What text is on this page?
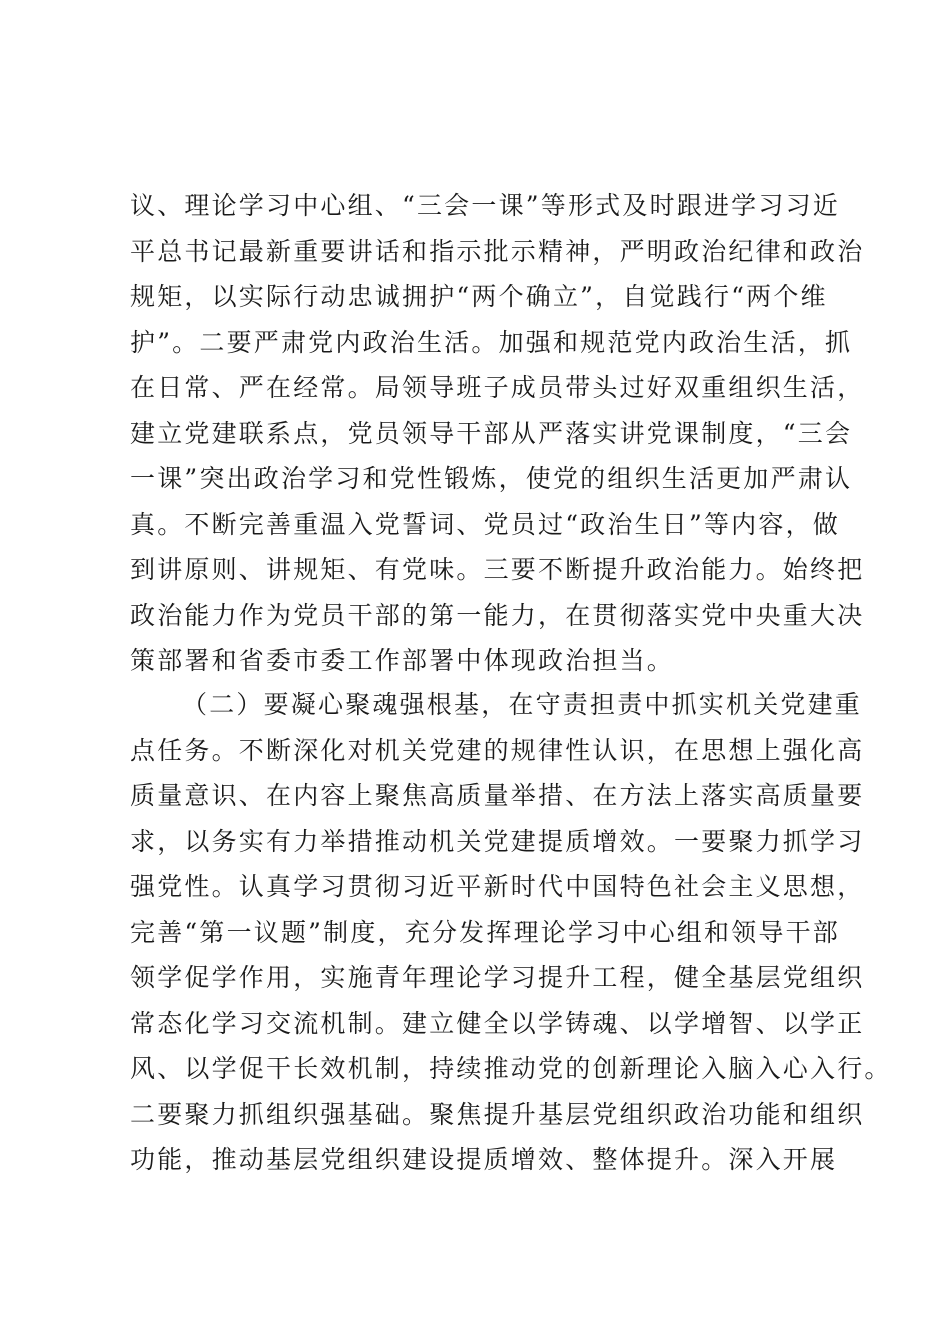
议、理论学习中心组、“三会一课”等形式及时跟进学习习近
平总书记最新重要讲话和指示批示精神，严明政治纪律和政治
规矩，以实际行动忠诚拥护“两个确立”，自觉践行“两个维
护”。二要严肃党内政治生活。加强和规范党内政治生活，抓
在日常、严在经常。局领导班子成员带头过好双重组织生活，
建立党建联系点，党员领导干部从严落实讲党课制度，“三会
一课”突出政治学习和党性锻炼，使党的组织生活更加严肃认
真。不断完善重温入党誓词、党员过“政治生日”等内容，做
到讲原则、讲规矩、有党味。三要不断提升政治能力。始终把
政治能力作为党员干部的第一能力，在贯彻落实党中央重大决
策部署和省委市委工作部署中体现政治担当。
（二）要凝心聚魂强根基，在守责担责中抓实机关党建重
点任务。不断深化对机关党建的规律性认识，在思想上强化高
质量意识、在内容上聚焦高质量举措、在方法上落实高质量要
求，以务实有力举措推动机关党建提质增效。一要聚力抓学习
强党性。认真学习贯彻习近平新时代中国特色社会主义思想，
完善“第一议题”制度，充分发挥理论学习中心组和领导干部
领学促学作用，实施青年理论学习提升工程，健全基层党组织
常态化学习交流机制。建立健全以学铸魂、以学增智、以学正
风、以学促干长效机制，持续推动党的创新理论入脑入心入行。
二要聚力抓组织强基础。聚焦提升基层党组织政治功能和组织
功能，推动基层党组织建设提质增效、整体提升。深入开展
